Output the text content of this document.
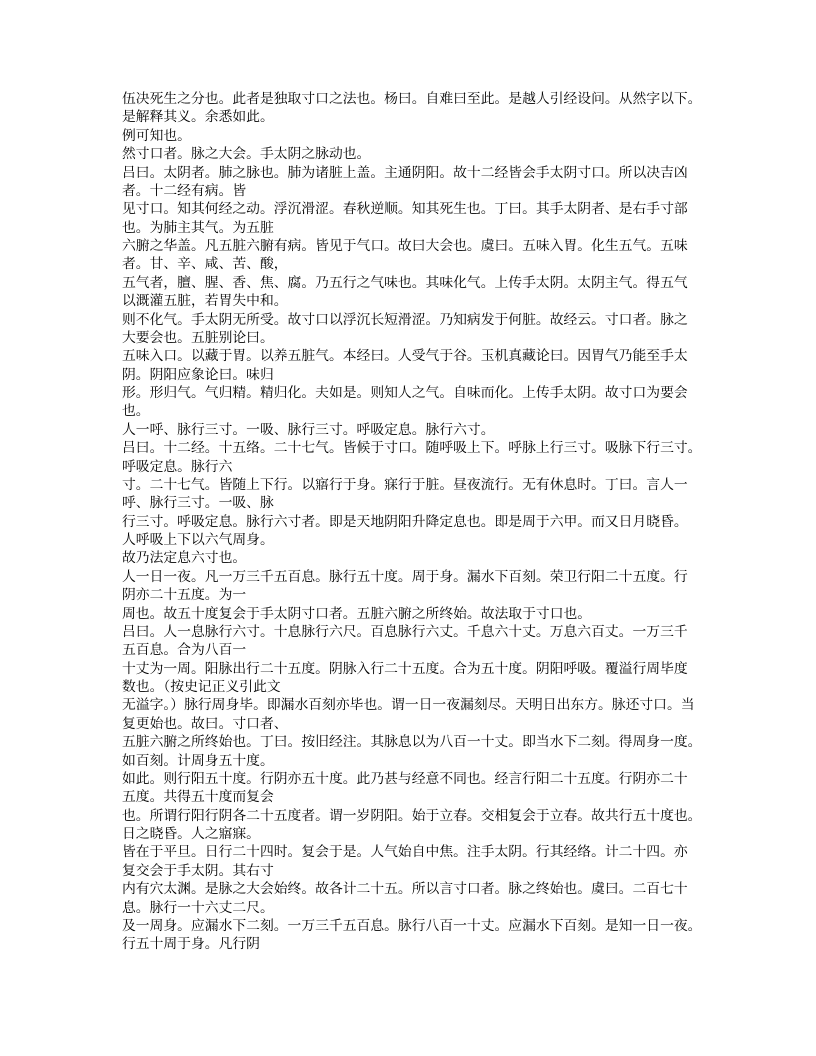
伍决死生之分也。此者是独取寸口之法也。杨曰。自难曰至此。是越人引经设问。从然字以下。
是解释其义。余悉如此。
例可知也。
然寸口者。脉之大会。手太阴之脉动也。
吕曰。太阴者。肺之脉也。肺为诸脏上盖。主通阴阳。故十二经皆会手太阴寸口。所以决吉凶
者。十二经有病。皆
见寸口。知其何经之动。浮沉滑涩。春秋逆顺。知其死生也。丁曰。其手太阴者、是右手寸部
也。为肺主其气。为五脏
六腑之华盖。凡五脏六腑有病。皆见于气口。故曰大会也。虞曰。五味入胃。化生五气。五味
者。甘、辛、咸、苦、酸，
五气者，膻、腥、香、焦、腐。乃五行之气味也。其味化气。上传手太阴。太阴主气。得五气
以溉灌五脏，若胃失中和。
则不化气。手太阴无所受。故寸口以浮沉长短滑涩。乃知病发于何脏。故经云。寸口者。脉之
大要会也。五脏别论曰。
五味入口。以藏于胃。以养五脏气。本经曰。人受气于谷。玉机真藏论曰。因胃气乃能至手太
阴。阴阳应象论曰。味归
形。形归气。气归精。精归化。夫如是。则知人之气。自味而化。上传手太阴。故寸口为要会
也。
人一呼、脉行三寸。一吸、脉行三寸。呼吸定息。脉行六寸。
吕曰。十二经。十五络。二十七气。皆候于寸口。随呼吸上下。呼脉上行三寸。吸脉下行三寸。
呼吸定息。脉行六
寸。二十七气。皆随上下行。以寤行于身。寐行于脏。昼夜流行。无有休息时。丁曰。言人一
呼、脉行三寸。一吸、脉
行三寸。呼吸定息。脉行六寸者。即是天地阴阳升降定息也。即是周于六甲。而又日月晓昏。
人呼吸上下以六气周身。
故乃法定息六寸也。
人一日一夜。凡一万三千五百息。脉行五十度。周于身。漏水下百刻。荣卫行阳二十五度。行
阴亦二十五度。为一
周也。故五十度复会于手太阴寸口者。五脏六腑之所终始。故法取于寸口也。
吕曰。人一息脉行六寸。十息脉行六尺。百息脉行六丈。千息六十丈。万息六百丈。一万三千
五百息。合为八百一
十丈为一周。阳脉出行二十五度。阴脉入行二十五度。合为五十度。阴阳呼吸。覆溢行周毕度
数也。（按史记正义引此文
无溢字。）脉行周身毕。即漏水百刻亦毕也。谓一日一夜漏刻尽。天明日出东方。脉还寸口。当
复更始也。故曰。寸口者、
五脏六腑之所终始也。丁曰。按旧经注。其脉息以为八百一十丈。即当水下二刻。得周身一度。
如百刻。计周身五十度。
如此。则行阳五十度。行阴亦五十度。此乃甚与经意不同也。经言行阳二十五度。行阴亦二十
五度。共得五十度而复会
也。所谓行阳行阴各二十五度者。谓一岁阴阳。始于立春。交相复会于立春。故共行五十度也。
日之晓昏。人之寤寐。
皆在于平旦。日行二十四时。复会于是。人气始自中焦。注手太阴。行其经络。计二十四。亦
复交会于手太阴。其右寸
内有穴太渊。是脉之大会始终。故各计二十五。所以言寸口者。脉之终始也。虞曰。二百七十
息。脉行一十六丈二尺。
及一周身。应漏水下二刻。一万三千五百息。脉行八百一十丈。应漏水下百刻。是知一日一夜。
行五十周于身。凡行阴
